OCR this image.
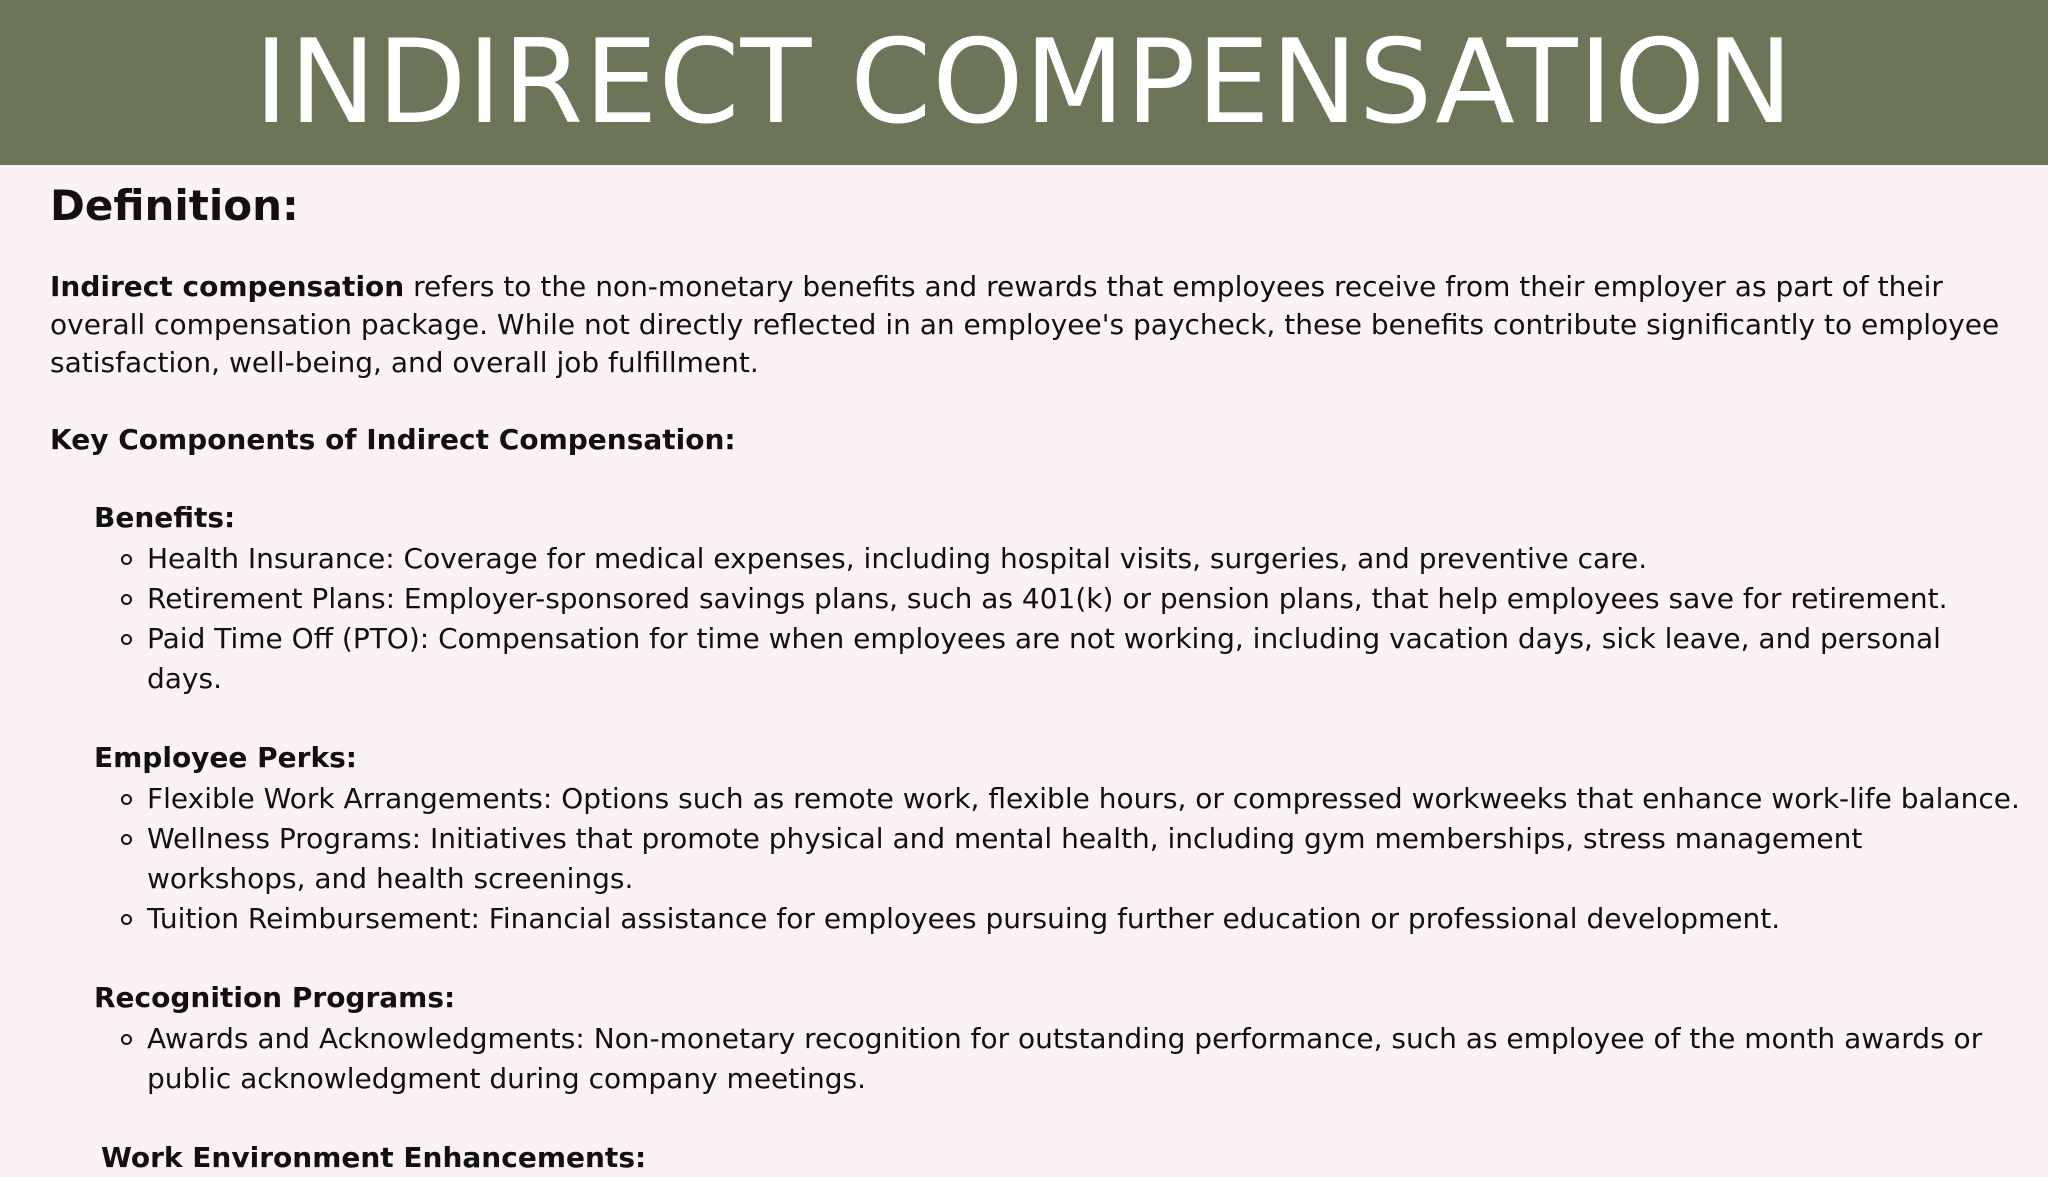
INDIRECT COMPENSATION
Definition:

Indirect compensation refers to the non-monetary benefits and rewards that employees receive from their employer as part of their overall compensation package. While not directly reflected in an employee's paycheck, these benefits contribute significantly to employee satisfaction, well-being, and overall job fulfillment.

Key Components of Indirect Compensation:
Benefits:
Health Insurance: Coverage for medical expenses, including hospital visits, surgeries, and preventive care.
Retirement Plans: Employer-sponsored savings plans, such as 401(k) or pension plans, that help employees save for retirement.
Paid Time Off (PTO): Compensation for time when employees are not working, including vacation days, sick leave, and personal days.
Employee Perks:
Flexible Work Arrangements: Options such as remote work, flexible hours, or compressed workweeks that enhance work-life balance.
Wellness Programs: Initiatives that promote physical and mental health, including gym memberships, stress management workshops, and health screenings.
Tuition Reimbursement: Financial assistance for employees pursuing further education or professional development.
Recognition Programs:
Awards and Acknowledgments: Non-monetary recognition for outstanding performance, such as employee of the month awards or public acknowledgment during company meetings.
Work Environment Enhancements:
